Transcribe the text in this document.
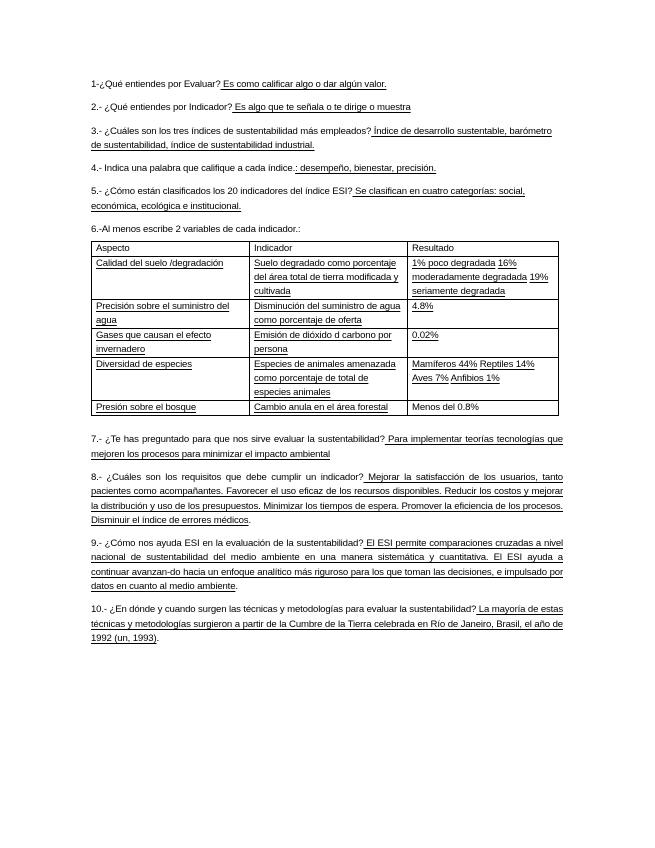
1-¿Qué entiendes por Evaluar? Es como calificar algo o dar algún valor.

2.- ¿Qué entiendes por Indicador? Es algo que te señala o te dirige o muestra

3.- ¿Cuáles son los tres índices de sustentabilidad más empleados? Índice de desarrollo sustentable, barómetro de sustentabilidad, índice de sustentabilidad industrial.

4.- Indica una palabra que califique a cada índice.: desempeño, bienestar, precisión.

5.- ¿Cómo están clasificados los 20 indicadores del índice ESI? Se clasifican en cuatro categorías: social, económica, ecológica e institucional.

6.-Al menos escribe 2 variables de cada indicador.:

Aspecto	Indicador	Resultado
Calidad del suelo /degradación	Suelo degradado como porcentaje del área total de tierra modificada y cultivada	1% poco degradada 16% moderadamente degradada 19% seriamente degradada
Precisión sobre el suministro del agua	Disminución del suministro de agua como porcentaje de oferta	4.8%
Gases que causan el efecto invernadero	Emisión de dióxido d carbono por persona	0.02%
Diversidad de especies	Especies de animales amenazada como porcentaje de total de especies animales	Mamíferos 44% Reptiles 14% Aves 7% Anfibios 1%
Presión sobre el bosque	Cambio anula en el área forestal	Menos del 0.8%

7.- ¿Te has preguntado para que nos sirve evaluar la sustentabilidad? Para implementar teorías tecnologías que mejoren los procesos para minimizar el impacto ambiental

8.- ¿Cuáles son los requisitos que debe cumplir un indicador? Mejorar la satisfacción de los usuarios, tanto pacientes como acompañantes. Favorecer el uso eficaz de los recursos disponibles. Reducir los costos y mejorar la distribución y uso de los presupuestos. Minimizar los tiempos de espera. Promover la eficiencia de los procesos. Disminuir el índice de errores médicos.

9.- ¿Cómo nos ayuda ESI en la evaluación de la sustentabilidad? El ESI permite comparaciones cruzadas a nivel nacional de sustentabilidad del medio ambiente en una manera sistemática y cuantitativa. El ESI ayuda a continuar avanzan-do hacia un enfoque analítico más riguroso para los que toman las decisiones, e impulsado por datos en cuanto al medio ambiente.

10.- ¿En dónde y cuando surgen las técnicas y metodologías para evaluar la sustentabilidad? La mayoría de estas técnicas y metodologías surgieron a partir de la Cumbre de la Tierra celebrada en Río de Janeiro, Brasil, el año de 1992 (un, 1993).
